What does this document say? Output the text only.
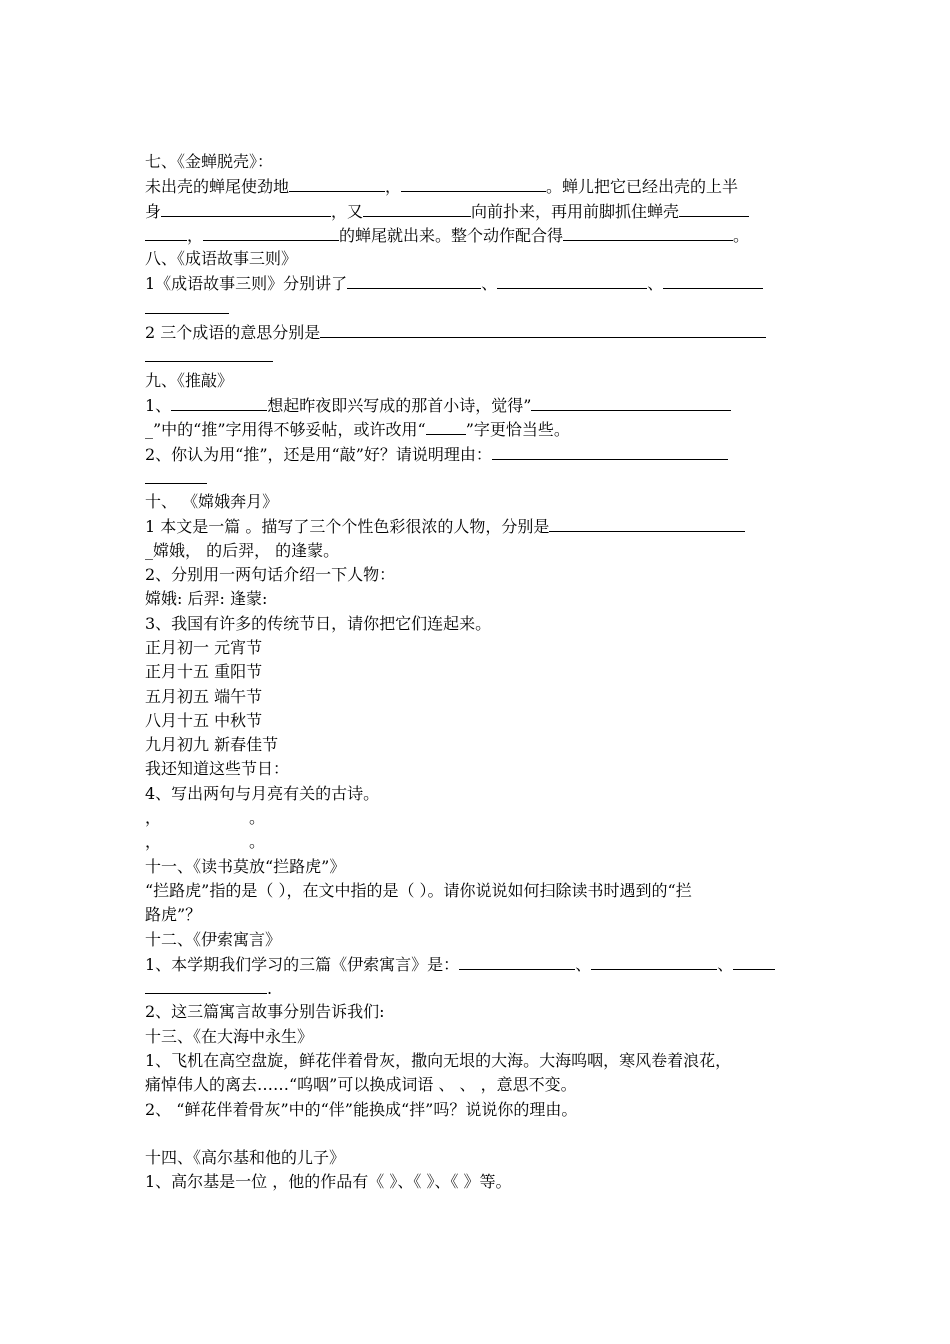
七、《金蝉脱壳》：
未出壳的蝉尾使劲地	，	。蝉儿把它已经出壳的上半
身	，又	向前扑来，再用前脚抓住蝉壳
，	的蝉尾就出来。整个动作配合得	。
八、《成语故事三则》
1《成语故事三则》分别讲了	、	、
2 三个成语的意思分别是
九、《推敲》
1、	想起昨夜即兴写成的那首小诗，觉得”
_”中的“推”字用得不够妥帖，或许改用“	”字更恰当些。
2、你认为用“推”，还是用“敲”好？请说明理由：
十、 《嫦娥奔月》
1 本文是一篇 。描写了三个个性色彩很浓的人物，分别是
_嫦娥， 的后羿， 的逢蒙。
2、分别用一两句话介绍一下人物：
嫦娥: 后羿: 逢蒙:
3、我国有许多的传统节日，请你把它们连起来。
正月初一 元宵节
正月十五 重阳节
五月初五 端午节
八月十五 中秋节
九月初九 新春佳节
我还知道这些节日：
4、写出两句与月亮有关的古诗。
，	。
，	。
十一、《读书莫放“拦路虎”》
“拦路虎”指的是（ ），在文中指的是（ ）。请你说说如何扫除读书时遇到的“拦
路虎”？
十二、《伊索寓言》
1、本学期我们学习的三篇《伊索寓言》是：	、	、
.
2、这三篇寓言故事分别告诉我们:
十三、《在大海中永生》
1、飞机在高空盘旋，鲜花伴着骨灰，撒向无垠的大海。大海呜咽，寒风卷着浪花，
痛悼伟人的离去……“呜咽”可以换成词语 、 、 ，意思不变。
2、 “鲜花伴着骨灰”中的“伴”能换成“拌”吗？说说你的理由。
十四、《高尔基和他的儿子》
1、高尔基是一位 ，他的作品有《 》、《 》、《 》等。
